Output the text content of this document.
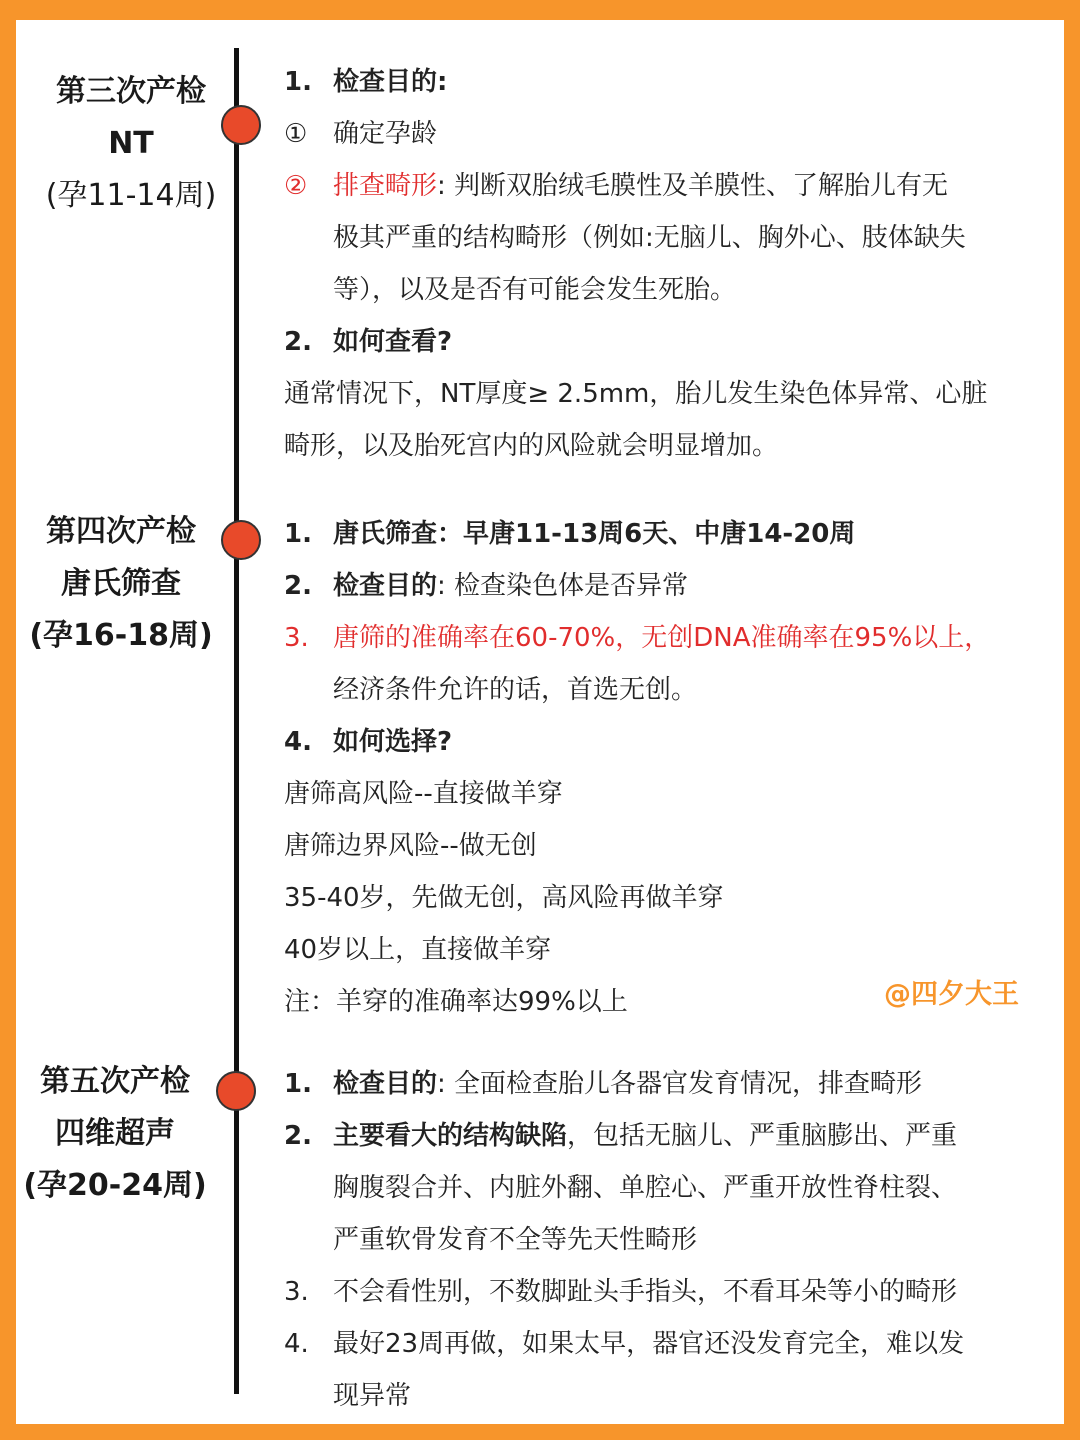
第三次产检
NT
(孕11-14周)
第四次产检
唐氏筛查
(孕16-18周)
第五次产检
四维超声
(孕20-24周)
1. 检查目的:
① 确定孕龄
② 排查畸形: 判断双胎绒毛膜性及羊膜性、了解胎儿有无
极其严重的结构畸形（例如:无脑儿、胸外心、肢体缺失
等），以及是否有可能会发生死胎。
2. 如何查看?
通常情况下，NT厚度≥ 2.5mm，胎儿发生染色体异常、心脏
畸形，以及胎死宫内的风险就会明显增加。
1. 唐氏筛查：早唐11-13周6天、中唐14-20周
2. 检查目的: 检查染色体是否异常
3. 唐筛的准确率在60-70%，无创DNA准确率在95%以上，
经济条件允许的话，首选无创。
4. 如何选择?
唐筛高风险--直接做羊穿
唐筛边界风险--做无创
35-40岁，先做无创，高风险再做羊穿
40岁以上，直接做羊穿
注：羊穿的准确率达99%以上	@四夕大王
1. 检查目的: 全面检查胎儿各器官发育情况，排查畸形
2. 主要看大的结构缺陷，包括无脑儿、严重脑膨出、严重
胸腹裂合并、内脏外翻、单腔心、严重开放性脊柱裂、
严重软骨发育不全等先天性畸形
3. 不会看性别，不数脚趾头手指头，不看耳朵等小的畸形
4. 最好23周再做，如果太早，器官还没发育完全，难以发
现异常
